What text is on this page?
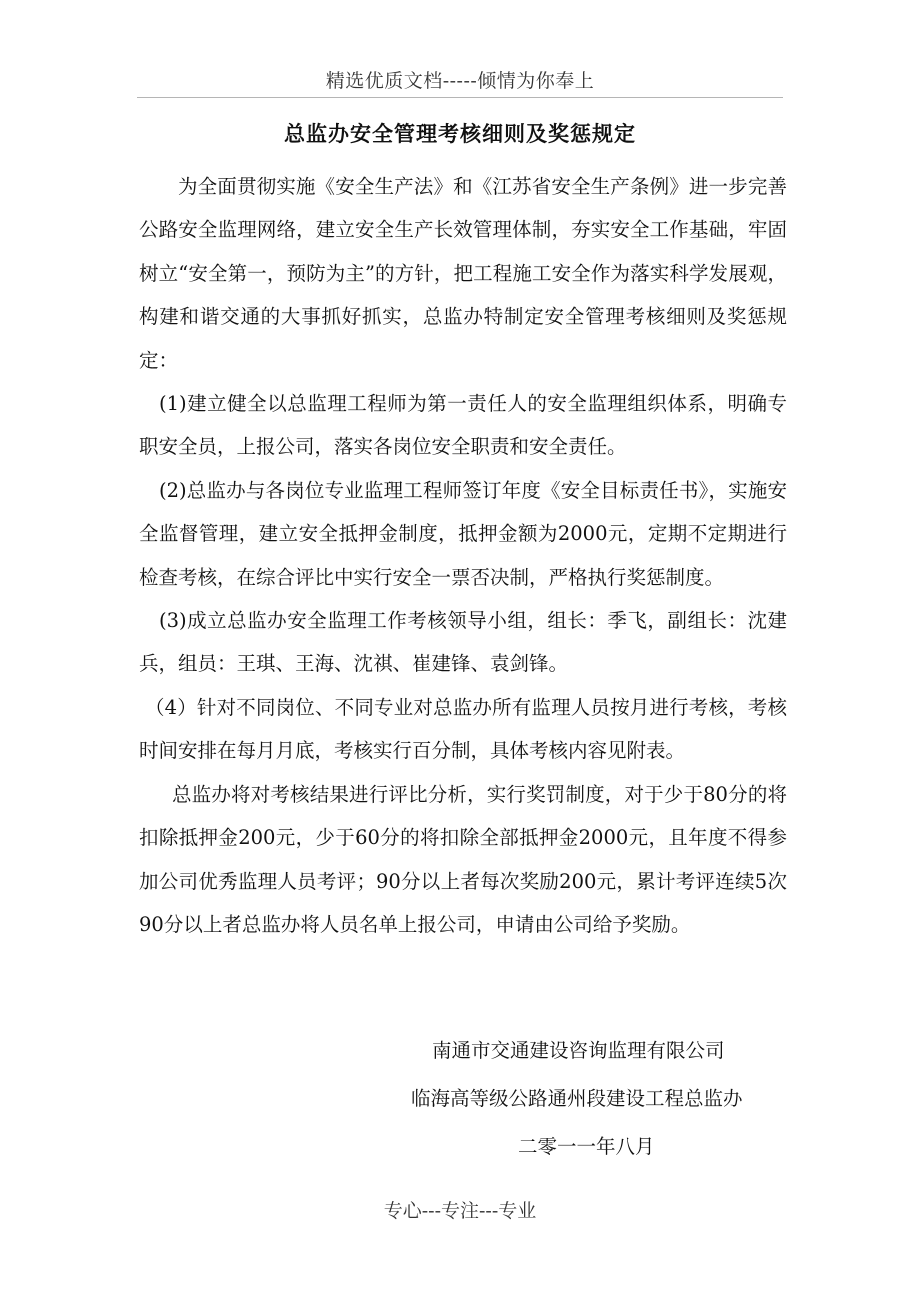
精选优质文档-----倾情为你奉上
总监办安全管理考核细则及奖惩规定

为全面贯彻实施《安全生产法》和《江苏省安全生产条例》进一步完善公路安全监理网络，建立安全生产长效管理体制，夯实安全工作基础，牢固树立“安全第一，预防为主”的方针，把工程施工安全作为落实科学发展观，构建和谐交通的大事抓好抓实，总监办特制定安全管理考核细则及奖惩规定：

(1)建立健全以总监理工程师为第一责任人的安全监理组织体系，明确专职安全员，上报公司，落实各岗位安全职责和安全责任。

(2)总监办与各岗位专业监理工程师签订年度《安全目标责任书》，实施安全监督管理，建立安全抵押金制度，抵押金额为2000元，定期不定期进行检查考核，在综合评比中实行安全一票否决制，严格执行奖惩制度。

(3)成立总监办安全监理工作考核领导小组，组长：季飞，副组长：沈建兵，组员：王琪、王海、沈祺、崔建锋、袁剑锋。

（4）针对不同岗位、不同专业对总监办所有监理人员按月进行考核，考核时间安排在每月月底，考核实行百分制，具体考核内容见附表。

总监办将对考核结果进行评比分析，实行奖罚制度，对于少于80分的将扣除抵押金200元，少于60分的将扣除全部抵押金2000元，且年度不得参加公司优秀监理人员考评；90分以上者每次奖励200元，累计考评连续5次90分以上者总监办将人员名单上报公司，申请由公司给予奖励。

南通市交通建设咨询监理有限公司
临海高等级公路通州段建设工程总监办
二零一一年八月
专心---专注---专业
